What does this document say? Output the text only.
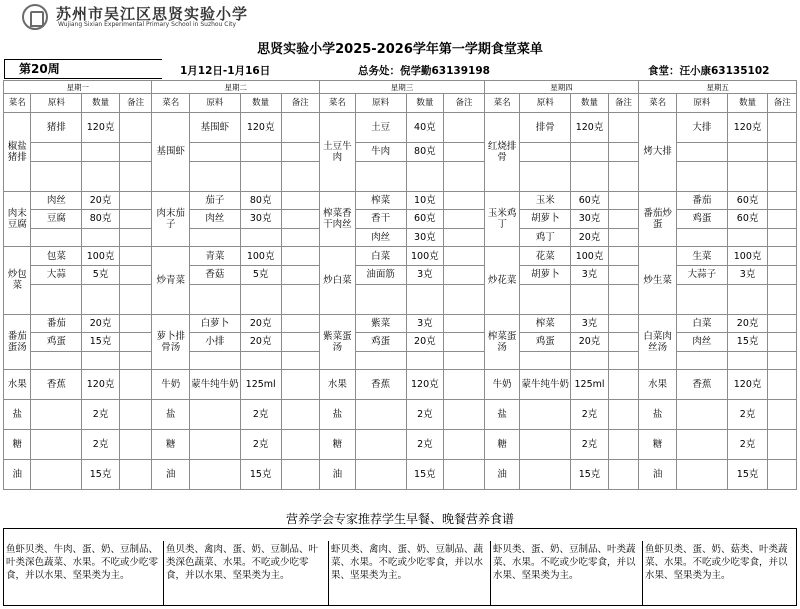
苏州市吴江区思贤实验小学
Wujiang Sixian Experimental Primary School in Suzhou City
思贤实验小学2025-2026学年第一学期食堂菜单
第20周	1月12日-1月16日	总务处：倪学勤63139198	食堂：汪小康63135102
星期一				星期二				星期三				星期四				星期五			
菜名	原料	数量	备注	菜名	原料	数量	备注	菜名	原料	数量	备注	菜名	原料	数量	备注	菜名	原料	数量	备注
椒盐猪排	猪排	120克		基围虾	基围虾	120克		土豆牛肉	土豆	40克		红烧排骨	排骨	120克		烤大排	大排	120克	
									牛肉	80克									

肉末豆腐	肉丝	20克		肉末茄子	茄子	80克		榨菜香干肉丝	榨菜	10克		玉米鸡丁	玉米	60克		番茄炒蛋	番茄	60克	
	豆腐	80克			肉丝	30克			香干	60克			胡萝卜	30克			鸡蛋	60克	
									肉丝	30克			鸡丁	20克					
炒包菜	包菜	100克		炒青菜	青菜	100克		炒白菜	白菜	100克		炒花菜	花菜	100克		炒生菜	生菜	100克	
	大蒜	5克			香菇	5克			油面筋	3克			胡萝卜	3克			大蒜子	3克	

番茄蛋汤	番茄	20克		萝卜排骨汤	白萝卜	20克		紫菜蛋汤	紫菜	3克		榨菜蛋汤	榨菜	3克		白菜肉丝汤	白菜	20克	
	鸡蛋	15克			小排	20克			鸡蛋	20克			鸡蛋	20克			肉丝	15克	

水果	香蕉	120克		牛奶	蒙牛纯牛奶	125ml		水果	香蕉	120克		牛奶	蒙牛纯牛奶	125ml		水果	香蕉	120克	
盐		2克		盐		2克		盐		2克		盐		2克		盐		2克	
糖		2克		糖		2克		糖		2克		糖		2克		糖		2克	
油		15克		油		15克		油		15克		油		15克		油		15克	
营养学会专家推荐学生早餐、晚餐营养食谱
鱼虾贝类、牛肉、蛋、奶、豆制品、叶类深色蔬菜、水果。不吃或少吃零食，并以水果、坚果类为主。
鱼贝类、禽肉、蛋、奶、豆制品、叶类深色蔬菜、水果。不吃或少吃零食，并以水果、坚果类为主。
虾贝类、禽肉、蛋、奶、豆制品、蔬菜、水果。不吃或少吃零食，并以水果、坚果类为主。
虾贝类、蛋、奶、豆制品、叶类蔬菜、水果。不吃或少吃零食，并以水果、坚果类为主。
鱼虾贝类、蛋、奶、菇类、叶类蔬菜、水果。不吃或少吃零食，并以水果、坚果类为主。
